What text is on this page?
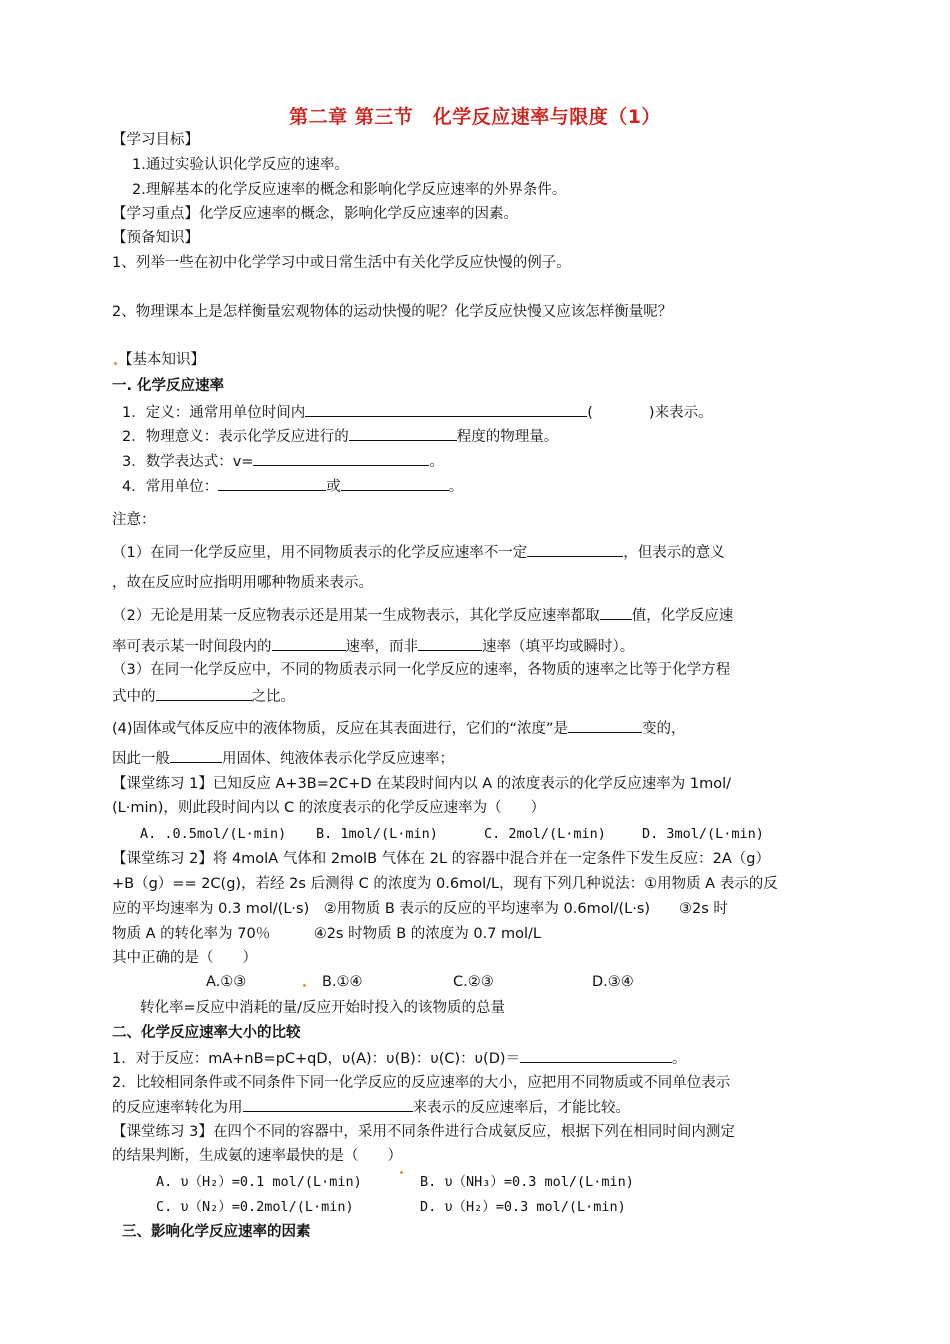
第二章 第三节　化学反应速率与限度（1）
【学习目标】
1.通过实验认识化学反应的速率。
2.理解基本的化学反应速率的概念和影响化学反应速率的外界条件。
【学习重点】化学反应速率的概念，影响化学反应速率的因素。
【预备知识】
1、列举一些在初中化学学习中或日常生活中有关化学反应快慢的例子。
2、物理课本上是怎样衡量宏观物体的运动快慢的呢？化学反应快慢又应该怎样衡量呢？
【基本知识】
一. 化学反应速率
1．定义：通常用单位时间内	(	)来表示。
2．物理意义：表示化学反应进行的	程度的物理量。
3．数学表达式：v=	。
4．常用单位：	或	。
注意：
（1）在同一化学反应里，用不同物质表示的化学反应速率不一定	，但表示的意义
，故在反应时应指明用哪种物质来表示。
（2）无论是用某一反应物表示还是用某一生成物表示，其化学反应速率都取 值，化学反应速
率可表示某一时间段内的	速率，而非	速率（填平均或瞬时）。
（3）在同一化学反应中，不同的物质表示同一化学反应的速率，各物质的速率之比等于化学方程
式中的	之比。
(4)固体或气体反应中的液体物质，反应在其表面进行，它们的“浓度”是	变的，
因此一般	用固体、纯液体表示化学反应速率；
【课堂练习 1】已知反应 A+3B=2C+D 在某段时间内以 A 的浓度表示的化学反应速率为 1mol/
(L·min)，则此段时间内以 C 的浓度表示的化学反应速率为（　　）
A. .0.5mol/(L·min) B. 1mol/(L·min)	C. 2mol/(L·min)	D. 3mol/(L·min)
【课堂练习 2】将 4molA 气体和 2molB 气体在 2L 的容器中混合并在一定条件下发生反应：2A（g）
+B（g）== 2C(g)，若经 2s 后测得 C 的浓度为 0.6mol/L，现有下列几种说法：①用物质 A 表示的反
应的平均速率为 0.3 mol/(L·s)　②用物质 B 表示的反应的平均速率为 0.6mol/(L·s)　　③2s 时
物质 A 的转化率为 70％　　　④2s 时物质 B 的浓度为 0.7 mol/L
其中正确的是（　　）
A.①③	B.①④	C.②③	D.③④
转化率=反应中消耗的量/反应开始时投入的该物质的总量
二、化学反应速率大小的比较
1．对于反应：mA+nB=pC+qD，υ(A)：υ(B)：υ(C)：υ(D)＝	。
2．比较相同条件或不同条件下同一化学反应的反应速率的大小，应把用不同物质或不同单位表示
的反应速率转化为用	来表示的反应速率后，才能比较。
【课堂练习 3】在四个不同的容器中，采用不同条件进行合成氨反应，根据下列在相同时间内测定
的结果判断，生成氨的速率最快的是（　　）
A. υ（H₂）=0.1 mol/(L·min)	B. υ（NH₃）=0.3 mol/(L·min)
C. υ（N₂）=0.2mol/(L·min)	D. υ（H₂）=0.3 mol/(L·min)
三、影响化学反应速率的因素
